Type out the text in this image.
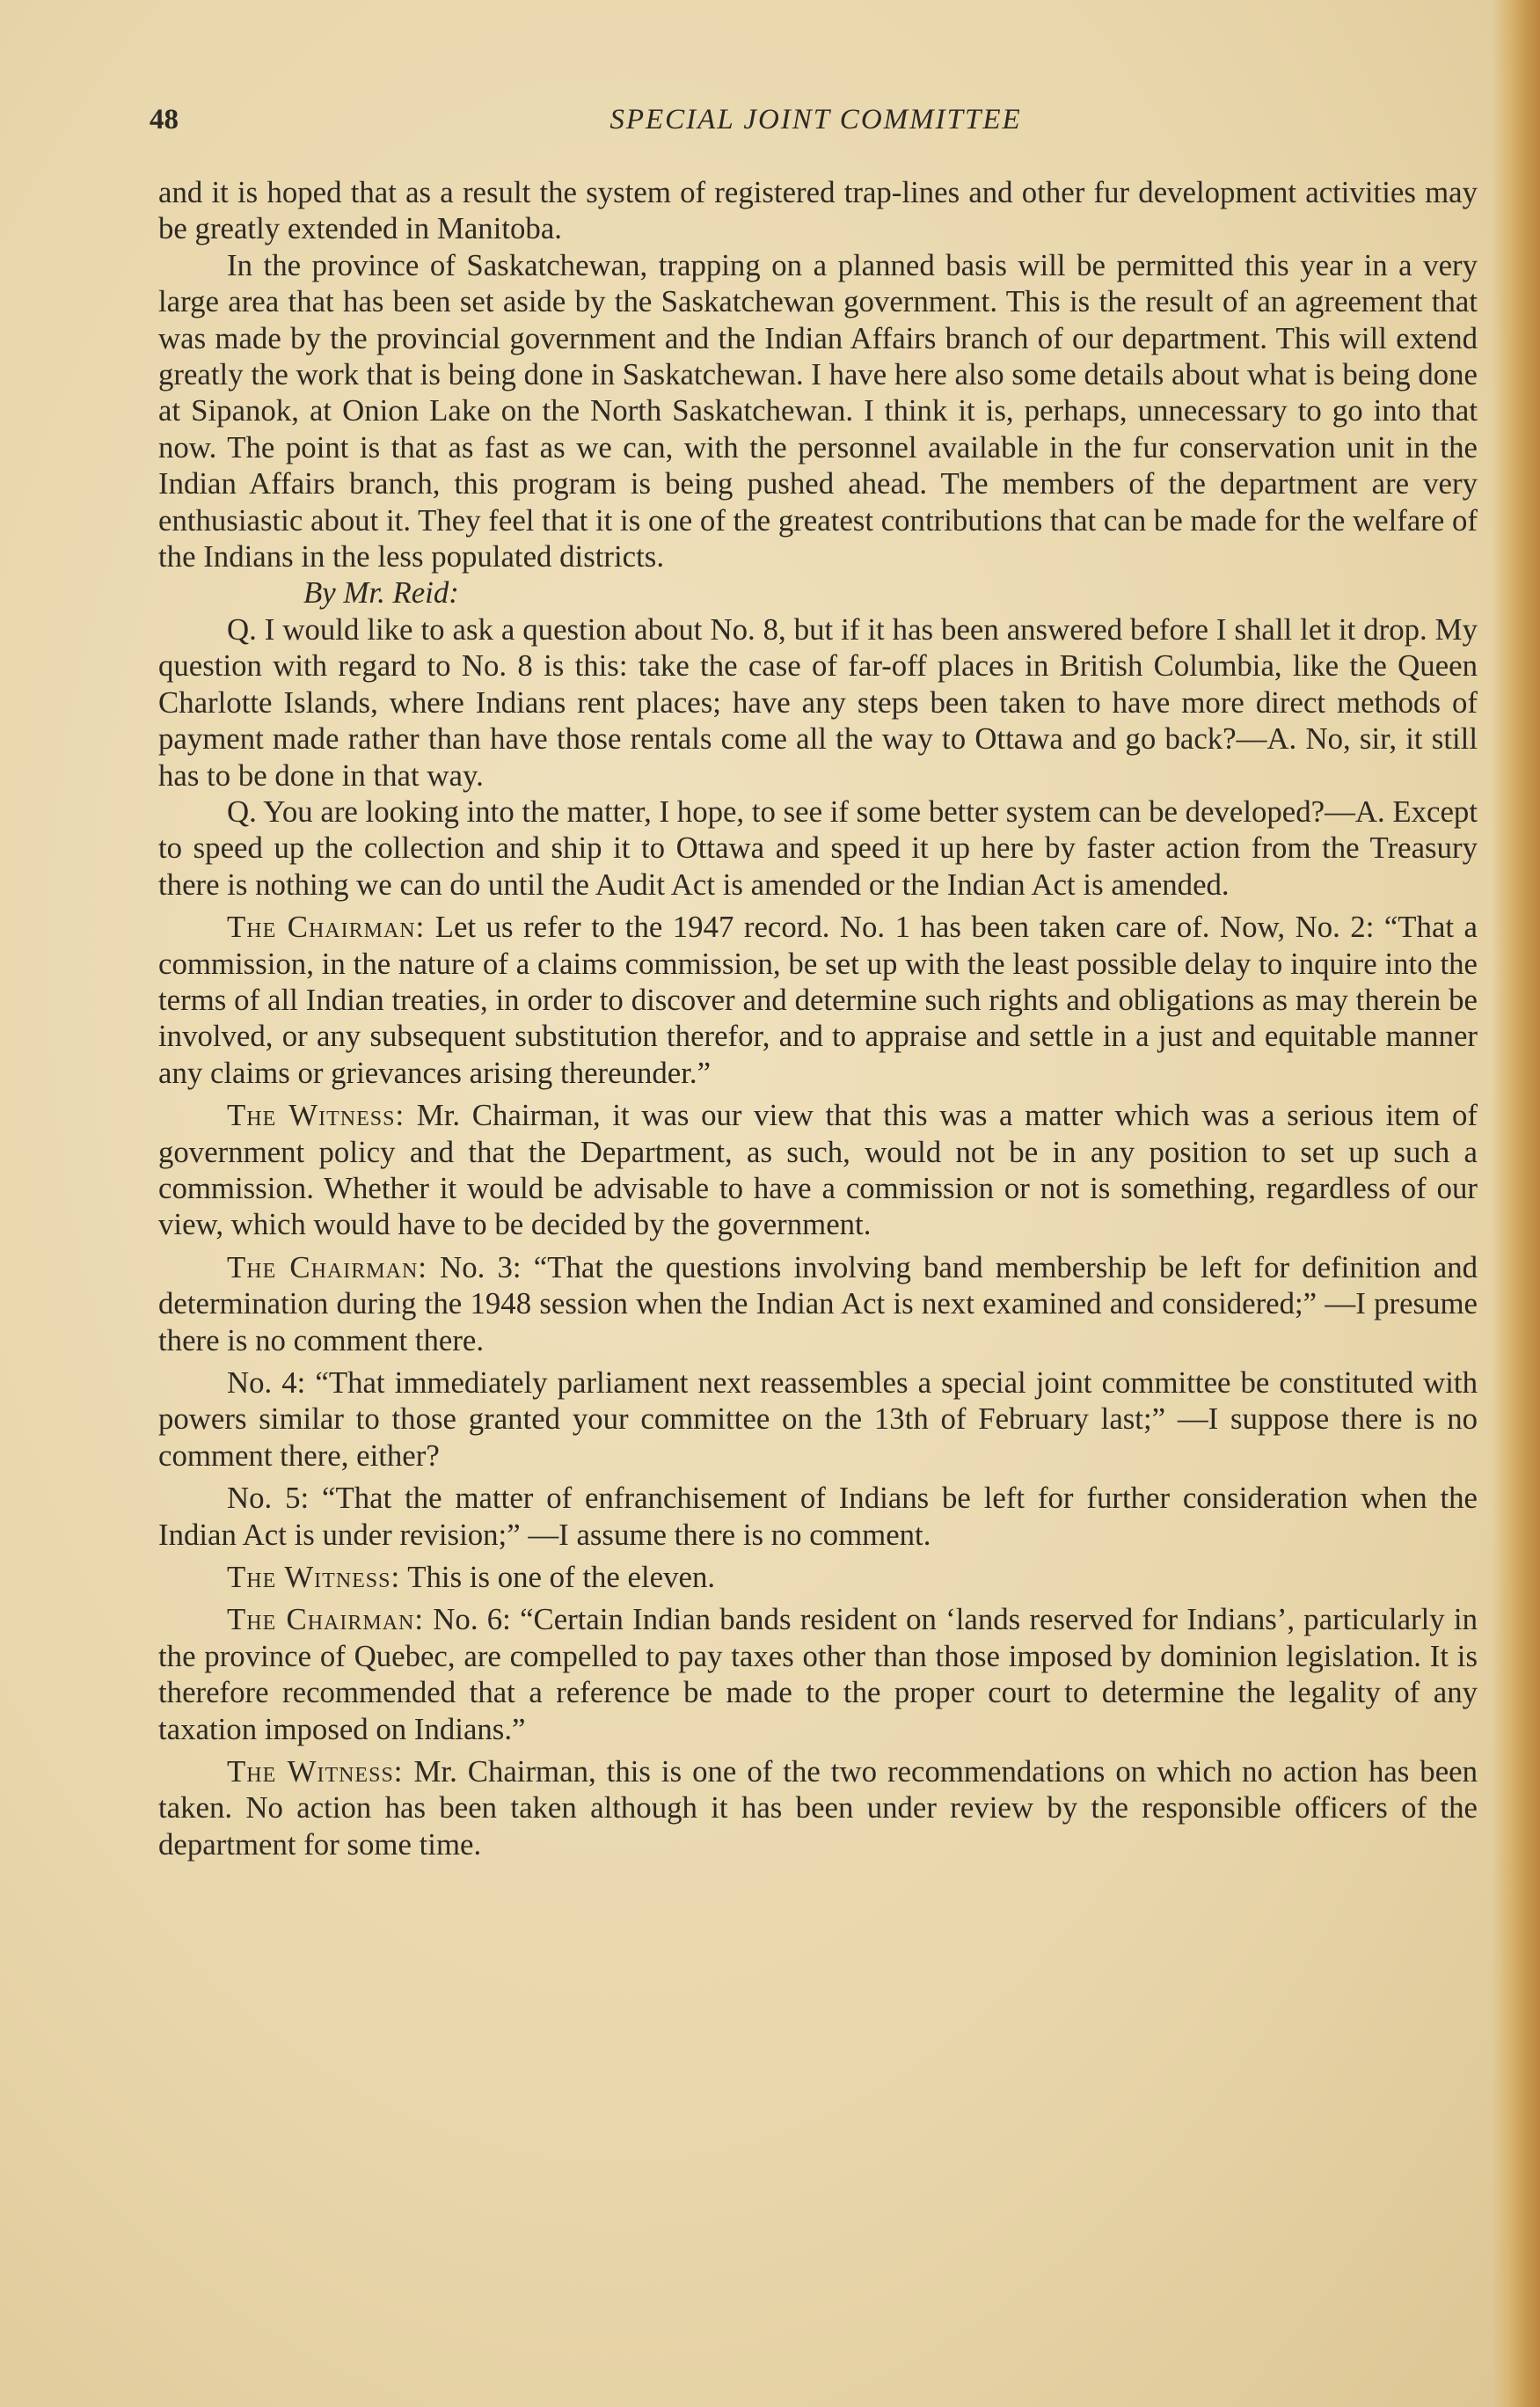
SPECIAL JOINT COMMITTEE
48

and it is hoped that as a result the system of registered trap-lines and other fur development activities may be greatly extended in Manitoba.

In the province of Saskatchewan, trapping on a planned basis will be permitted this year in a very large area that has been set aside by the Saskatchewan government. This is the result of an agreement that was made by the provincial government and the Indian Affairs branch of our department. This will extend greatly the work that is being done in Saskatchewan. I have here also some details about what is being done at Sipanok, at Onion Lake on the North Saskatchewan. I think it is, perhaps, unnecessary to go into that now. The point is that as fast as we can, with the personnel available in the fur conservation unit in the Indian Affairs branch, this program is being pushed ahead. The members of the department are very enthusiastic about it. They feel that it is one of the greatest contributions that can be made for the welfare of the Indians in the less populated districts.

By Mr. Reid:

Q. I would like to ask a question about No. 8, but if it has been answered before I shall let it drop. My question with regard to No. 8 is this: take the case of far-off places in British Columbia, like the Queen Charlotte Islands, where Indians rent places; have any steps been taken to have more direct methods of payment made rather than have those rentals come all the way to Ottawa and go back?—A. No, sir, it still has to be done in that way.

Q. You are looking into the matter, I hope, to see if some better system can be developed?—A. Except to speed up the collection and ship it to Ottawa and speed it up here by faster action from the Treasury there is nothing we can do until the Audit Act is amended or the Indian Act is amended.

The Chairman: Let us refer to the 1947 record. No. 1 has been taken care of. Now, No. 2: “That a commission, in the nature of a claims commission, be set up with the least possible delay to inquire into the terms of all Indian treaties, in order to discover and determine such rights and obligations as may therein be involved, or any subsequent substitution therefor, and to appraise and settle in a just and equitable manner any claims or grievances arising thereunder.”

The Witness: Mr. Chairman, it was our view that this was a matter which was a serious item of government policy and that the Department, as such, would not be in any position to set up such a commission. Whether it would be advisable to have a commission or not is something, regardless of our view, which would have to be decided by the government.

The Chairman: No. 3: “That the questions involving band membership be left for definition and determination during the 1948 session when the Indian Act is next examined and considered;” —I presume there is no comment there.

No. 4: “That immediately parliament next reassembles a special joint committee be constituted with powers similar to those granted your committee on the 13th of February last;” —I suppose there is no comment there, either?

No. 5: “That the matter of enfranchisement of Indians be left for further consideration when the Indian Act is under revision;” —I assume there is no comment.

The Witness: This is one of the eleven.

The Chairman: No. 6: “Certain Indian bands resident on ‘lands reserved for Indians’, particularly in the province of Quebec, are compelled to pay taxes other than those imposed by dominion legislation. It is therefore recommended that a reference be made to the proper court to determine the legality of any taxation imposed on Indians.”

The Witness: Mr. Chairman, this is one of the two recommendations on which no action has been taken. No action has been taken although it has been under review by the responsible officers of the department for some time.
